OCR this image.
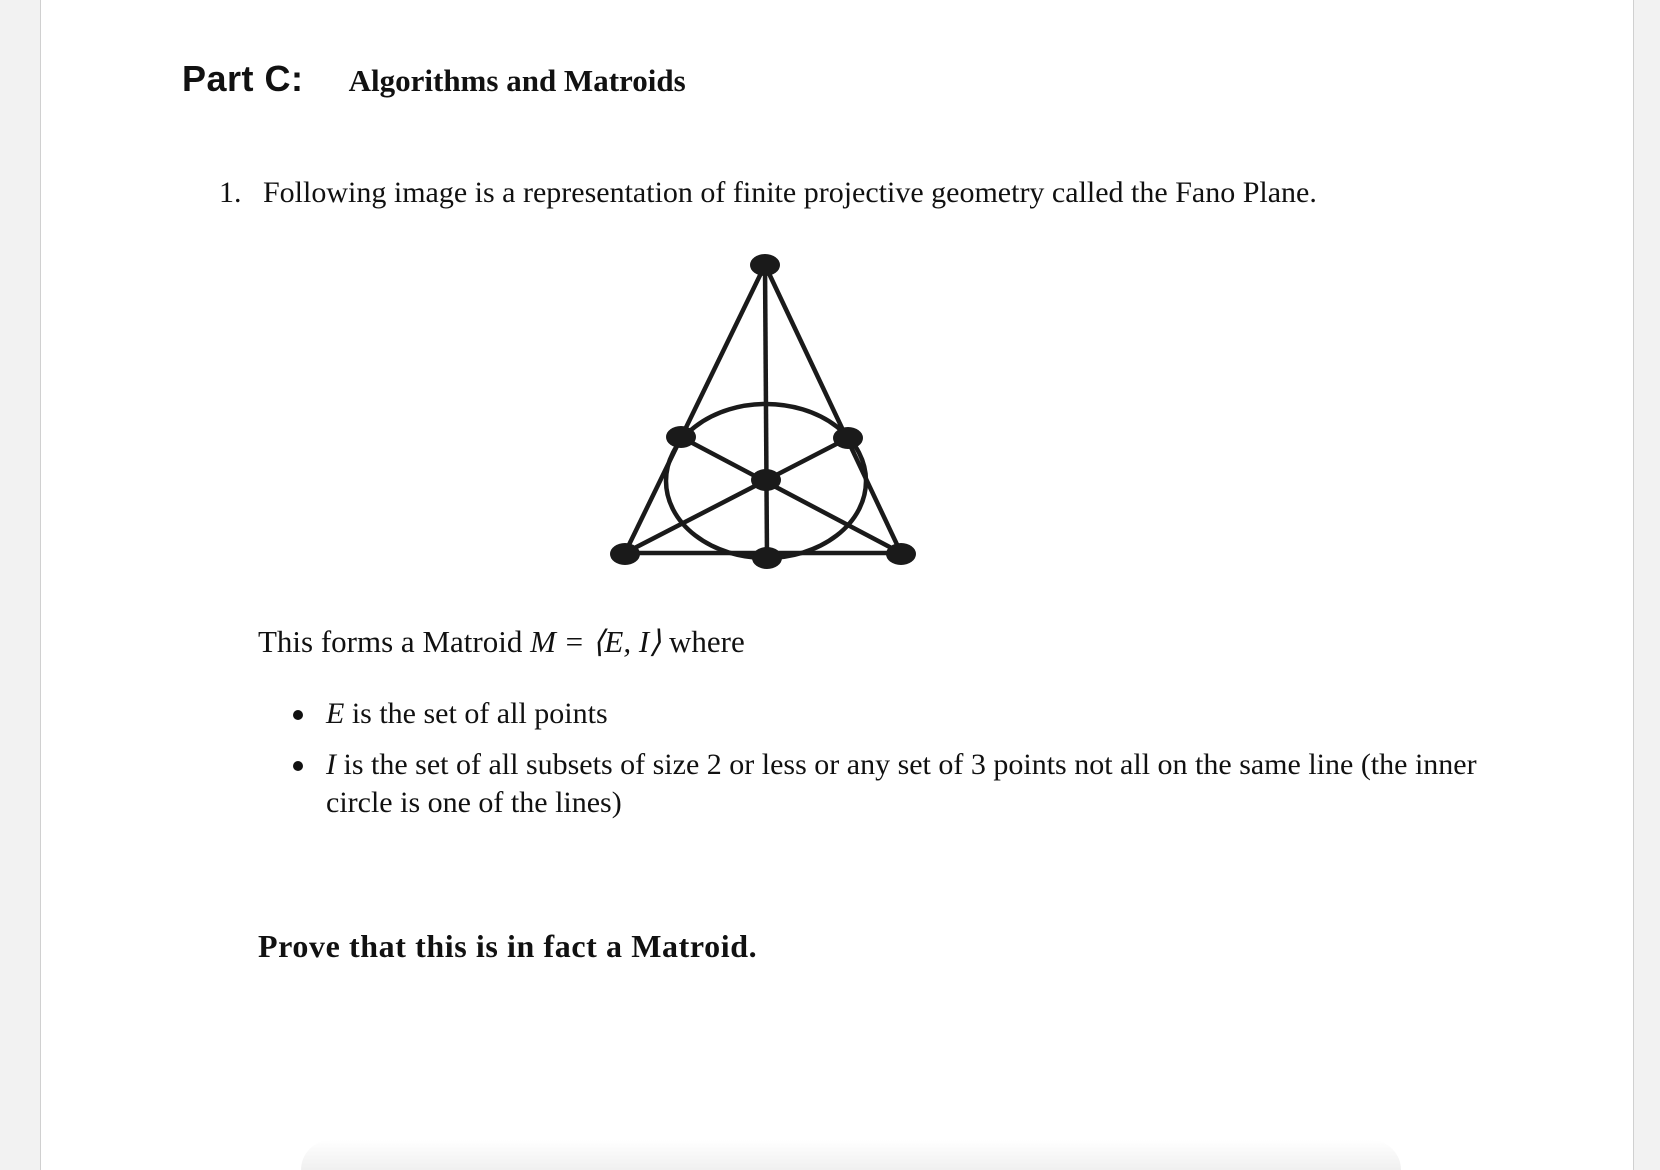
Part C: Algorithms and Matroids
1. Following image is a representation of finite projective geometry called the Fano Plane.
This forms a Matroid M = ⟨E, I⟩ where
E is the set of all points
I is the set of all subsets of size 2 or less or any set of 3 points not all on the same line (the inner circle is one of the lines)
Prove that this is in fact a Matroid.
